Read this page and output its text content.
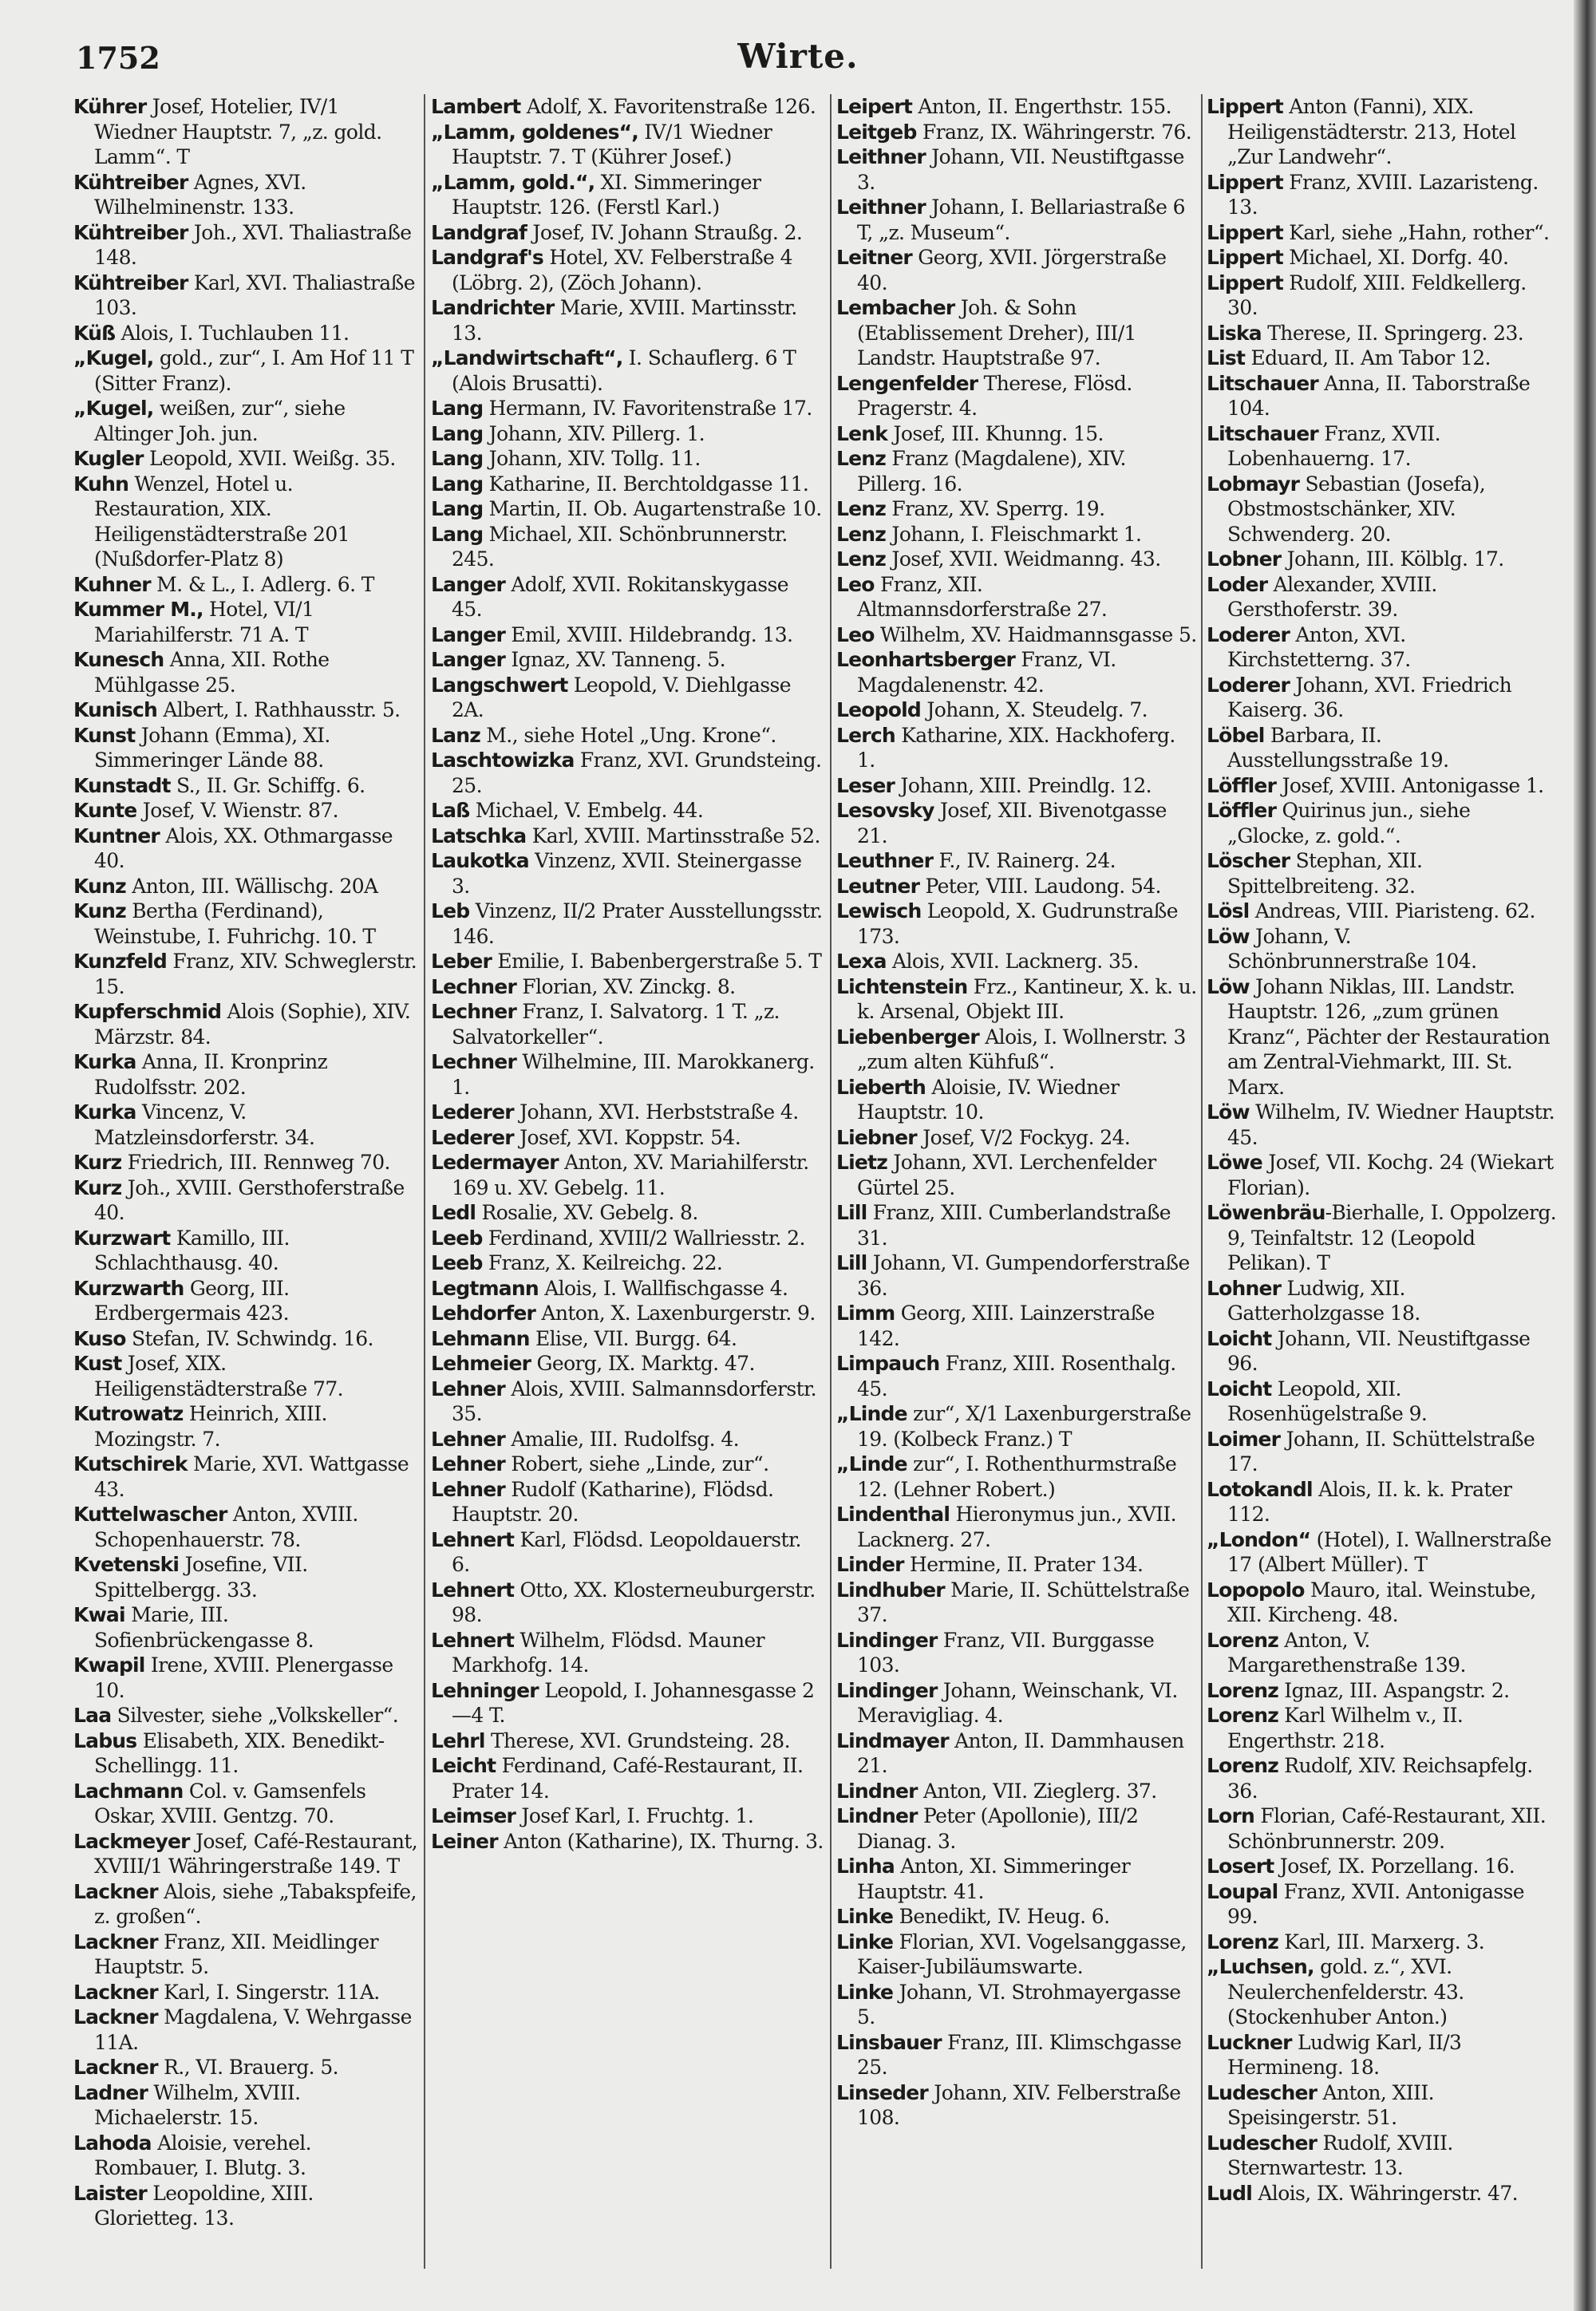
1752	Wirte.
Kührer Josef, Hotelier, IV/1 Wiedner Hauptstr. 7, „z. gold. Lamm“. T
Kühtreiber Agnes, XVI. Wilhelminenstr. 133.
Kühtreiber Joh., XVI. Thaliastraße 148.
Kühtreiber Karl, XVI. Thaliastraße 103.
Küß Alois, I. Tuchlauben 11.
„Kugel, gold., zur“, I. Am Hof 11 T (Sitter Franz).
„Kugel, weißen, zur“, siehe Altinger Joh. jun.
Kugler Leopold, XVII. Weißg. 35.
Kuhn Wenzel, Hotel u. Restauration, XIX. Heiligenstädterstraße 201 (Nußdorfer-Platz 8)
Kuhner M. & L., I. Adlerg. 6. T
Kummer M., Hotel, VI/1 Mariahilferstr. 71 A. T
Kunesch Anna, XII. Rothe Mühlgasse 25.
Kunisch Albert, I. Rathhausstr. 5.
Kunst Johann (Emma), XI. Simmeringer Lände 88.
Kunstadt S., II. Gr. Schiffg. 6.
Kunte Josef, V. Wienstr. 87.
Kuntner Alois, XX. Othmargasse 40.
Kunz Anton, III. Wällischg. 20A
Kunz Bertha (Ferdinand), Weinstube, I. Fuhrichg. 10. T
Kunzfeld Franz, XIV. Schweglerstr. 15.
Kupferschmid Alois (Sophie), XIV. Märzstr. 84.
Kurka Anna, II. Kronprinz Rudolfsstr. 202.
Kurka Vincenz, V. Matzleinsdorferstr. 34.
Kurz Friedrich, III. Rennweg 70.
Kurz Joh., XVIII. Gersthoferstraße 40.
Kurzwart Kamillo, III. Schlachthausg. 40.
Kurzwarth Georg, III. Erdbergermais 423.
Kuso Stefan, IV. Schwindg. 16.
Kust Josef, XIX. Heiligenstädterstraße 77.
Kutrowatz Heinrich, XIII. Mozingstr. 7.
Kutschirek Marie, XVI. Wattgasse 43.
Kuttelwascher Anton, XVIII. Schopenhauerstr. 78.
Kvetenski Josefine, VII. Spittelbergg. 33.
Kwai Marie, III. Sofienbrückengasse 8.
Kwapil Irene, XVIII. Plenergasse 10.
Laa Silvester, siehe „Volkskeller“.
Labus Elisabeth, XIX. Benedikt-Schellingg. 11.
Lachmann Col. v. Gamsenfels Oskar, XVIII. Gentzg. 70.
Lackmeyer Josef, Café-Restaurant, XVIII/1 Währingerstraße 149. T
Lackner Alois, siehe „Tabakspfeife, z. großen“.
Lackner Franz, XII. Meidlinger Hauptstr. 5.
Lackner Karl, I. Singerstr. 11A.
Lackner Magdalena, V. Wehrgasse 11A.
Lackner R., VI. Brauerg. 5.
Ladner Wilhelm, XVIII. Michaelerstr. 15.
Lahoda Aloisie, verehel. Rombauer, I. Blutg. 3.
Laister Leopoldine, XIII. Glorietteg. 13.
Lambert Adolf, X. Favoritenstraße 126.
„Lamm, goldenes“, IV/1 Wiedner Hauptstr. 7. T (Kührer Josef.)
„Lamm, gold.“, XI. Simmeringer Hauptstr. 126. (Ferstl Karl.)
Landgraf Josef, IV. Johann Straußg. 2.
Landgraf's Hotel, XV. Felberstraße 4 (Löbrg. 2), (Zöch Johann).
Landrichter Marie, XVIII. Martinsstr. 13.
„Landwirtschaft“, I. Schauflerg. 6 T (Alois Brusatti).
Lang Hermann, IV. Favoritenstraße 17.
Lang Johann, XIV. Pillerg. 1.
Lang Johann, XIV. Tollg. 11.
Lang Katharine, II. Berchtoldgasse 11.
Lang Martin, II. Ob. Augartenstraße 10.
Lang Michael, XII. Schönbrunnerstr. 245.
Langer Adolf, XVII. Rokitanskygasse 45.
Langer Emil, XVIII. Hildebrandg. 13.
Langer Ignaz, XV. Tanneng. 5.
Langschwert Leopold, V. Diehlgasse 2A.
Lanz M., siehe Hotel „Ung. Krone“.
Laschtowizka Franz, XVI. Grundsteing. 25.
Laß Michael, V. Embelg. 44.
Latschka Karl, XVIII. Martinsstraße 52.
Laukotka Vinzenz, XVII. Steinergasse 3.
Leb Vinzenz, II/2 Prater Ausstellungsstr. 146.
Leber Emilie, I. Babenbergerstraße 5. T
Lechner Florian, XV. Zinckg. 8.
Lechner Franz, I. Salvatorg. 1 T. „z. Salvatorkeller“.
Lechner Wilhelmine, III. Marokkanerg. 1.
Lederer Johann, XVI. Herbststraße 4.
Lederer Josef, XVI. Koppstr. 54.
Ledermayer Anton, XV. Mariahilferstr. 169 u. XV. Gebelg. 11.
Ledl Rosalie, XV. Gebelg. 8.
Leeb Ferdinand, XVIII/2 Wallriesstr. 2.
Leeb Franz, X. Keilreichg. 22.
Legtmann Alois, I. Wallfischgasse 4.
Lehdorfer Anton, X. Laxenburgerstr. 9.
Lehmann Elise, VII. Burgg. 64.
Lehmeier Georg, IX. Marktg. 47.
Lehner Alois, XVIII. Salmannsdorferstr. 35.
Lehner Amalie, III. Rudolfsg. 4.
Lehner Robert, siehe „Linde, zur“.
Lehner Rudolf (Katharine), Flödsd. Hauptstr. 20.
Lehnert Karl, Flödsd. Leopoldauerstr. 6.
Lehnert Otto, XX. Klosterneuburgerstr. 98.
Lehnert Wilhelm, Flödsd. Mauner Markhofg. 14.
Lehninger Leopold, I. Johannesgasse 2—4 T.
Lehrl Therese, XVI. Grundsteing. 28.
Leicht Ferdinand, Café-Restaurant, II. Prater 14.
Leimser Josef Karl, I. Fruchtg. 1.
Leiner Anton (Katharine), IX. Thurng. 3.
Leipert Anton, II. Engerthstr. 155.
Leitgeb Franz, IX. Währingerstr. 76.
Leithner Johann, VII. Neustiftgasse 3.
Leithner Johann, I. Bellariastraße 6 T, „z. Museum“.
Leitner Georg, XVII. Jörgerstraße 40.
Lembacher Joh. & Sohn (Etablissement Dreher), III/1 Landstr. Hauptstraße 97.
Lengenfelder Therese, Flösd. Pragerstr. 4.
Lenk Josef, III. Khunng. 15.
Lenz Franz (Magdalene), XIV. Pillerg. 16.
Lenz Franz, XV. Sperrg. 19.
Lenz Johann, I. Fleischmarkt 1.
Lenz Josef, XVII. Weidmanng. 43.
Leo Franz, XII. Altmannsdorferstraße 27.
Leo Wilhelm, XV. Haidmannsgasse 5.
Leonhartsberger Franz, VI. Magdalenenstr. 42.
Leopold Johann, X. Steudelg. 7.
Lerch Katharine, XIX. Hackhoferg. 1.
Leser Johann, XIII. Preindlg. 12.
Lesovsky Josef, XII. Bivenotgasse 21.
Leuthner F., IV. Rainerg. 24.
Leutner Peter, VIII. Laudong. 54.
Lewisch Leopold, X. Gudrunstraße 173.
Lexa Alois, XVII. Lacknerg. 35.
Lichtenstein Frz., Kantineur, X. k. u. k. Arsenal, Objekt III.
Liebenberger Alois, I. Wollnerstr. 3 „zum alten Kühfuß“.
Lieberth Aloisie, IV. Wiedner Hauptstr. 10.
Liebner Josef, V/2 Fockyg. 24.
Lietz Johann, XVI. Lerchenfelder Gürtel 25.
Lill Franz, XIII. Cumberlandstraße 31.
Lill Johann, VI. Gumpendorferstraße 36.
Limm Georg, XIII. Lainzerstraße 142.
Limpauch Franz, XIII. Rosenthalg. 45.
„Linde zur“, X/1 Laxenburgerstraße 19. (Kolbeck Franz.) T
„Linde zur“, I. Rothenthurmstraße 12. (Lehner Robert.)
Lindenthal Hieronymus jun., XVII. Lacknerg. 27.
Linder Hermine, II. Prater 134.
Lindhuber Marie, II. Schüttelstraße 37.
Lindinger Franz, VII. Burggasse 103.
Lindinger Johann, Weinschank, VI. Meravigliag. 4.
Lindmayer Anton, II. Dammhausen 21.
Lindner Anton, VII. Zieglerg. 37.
Lindner Peter (Apollonie), III/2 Dianag. 3.
Linha Anton, XI. Simmeringer Hauptstr. 41.
Linke Benedikt, IV. Heug. 6.
Linke Florian, XVI. Vogelsanggasse, Kaiser-Jubiläumswarte.
Linke Johann, VI. Strohmayergasse 5.
Linsbauer Franz, III. Klimschgasse 25.
Linseder Johann, XIV. Felberstraße 108.
Lippert Anton (Fanni), XIX. Heiligenstädterstr. 213, Hotel „Zur Landwehr“.
Lippert Franz, XVIII. Lazaristeng. 13.
Lippert Karl, siehe „Hahn, rother“.
Lippert Michael, XI. Dorfg. 40.
Lippert Rudolf, XIII. Feldkellerg. 30.
Liska Therese, II. Springerg. 23.
List Eduard, II. Am Tabor 12.
Litschauer Anna, II. Taborstraße 104.
Litschauer Franz, XVII. Lobenhauerng. 17.
Lobmayr Sebastian (Josefa), Obstmostschänker, XIV. Schwenderg. 20.
Lobner Johann, III. Kölblg. 17.
Loder Alexander, XVIII. Gersthoferstr. 39.
Loderer Anton, XVI. Kirchstetterng. 37.
Loderer Johann, XVI. Friedrich Kaiserg. 36.
Löbel Barbara, II. Ausstellungsstraße 19.
Löffler Josef, XVIII. Antonigasse 1.
Löffler Quirinus jun., siehe „Glocke, z. gold.“.
Löscher Stephan, XII. Spittelbreiteng. 32.
Lösl Andreas, VIII. Piaristeng. 62.
Löw Johann, V. Schönbrunnerstraße 104.
Löw Johann Niklas, III. Landstr. Hauptstr. 126, „zum grünen Kranz“, Pächter der Restauration am Zentral-Viehmarkt, III. St. Marx.
Löw Wilhelm, IV. Wiedner Hauptstr. 45.
Löwe Josef, VII. Kochg. 24 (Wiekart Florian).
Löwenbräu-Bierhalle, I. Oppolzerg. 9, Teinfaltstr. 12 (Leopold Pelikan). T
Lohner Ludwig, XII. Gatterholzgasse 18.
Loicht Johann, VII. Neustiftgasse 96.
Loicht Leopold, XII. Rosenhügelstraße 9.
Loimer Johann, II. Schüttelstraße 17.
Lotokandl Alois, II. k. k. Prater 112.
„London“ (Hotel), I. Wallnerstraße 17 (Albert Müller). T
Lopopolo Mauro, ital. Weinstube, XII. Kircheng. 48.
Lorenz Anton, V. Margarethenstraße 139.
Lorenz Ignaz, III. Aspangstr. 2.
Lorenz Karl Wilhelm v., II. Engerthstr. 218.
Lorenz Rudolf, XIV. Reichsapfelg. 36.
Lorn Florian, Café-Restaurant, XII. Schönbrunnerstr. 209.
Losert Josef, IX. Porzellang. 16.
Loupal Franz, XVII. Antonigasse 99.
Lorenz Karl, III. Marxerg. 3.
„Luchsen, gold. z.“, XVI. Neulerchenfelderstr. 43. (Stockenhuber Anton.)
Luckner Ludwig Karl, II/3 Hermineng. 18.
Ludescher Anton, XIII. Speisingerstr. 51.
Ludescher Rudolf, XVIII. Sternwartestr. 13.
Ludl Alois, IX. Währingerstr. 47.
